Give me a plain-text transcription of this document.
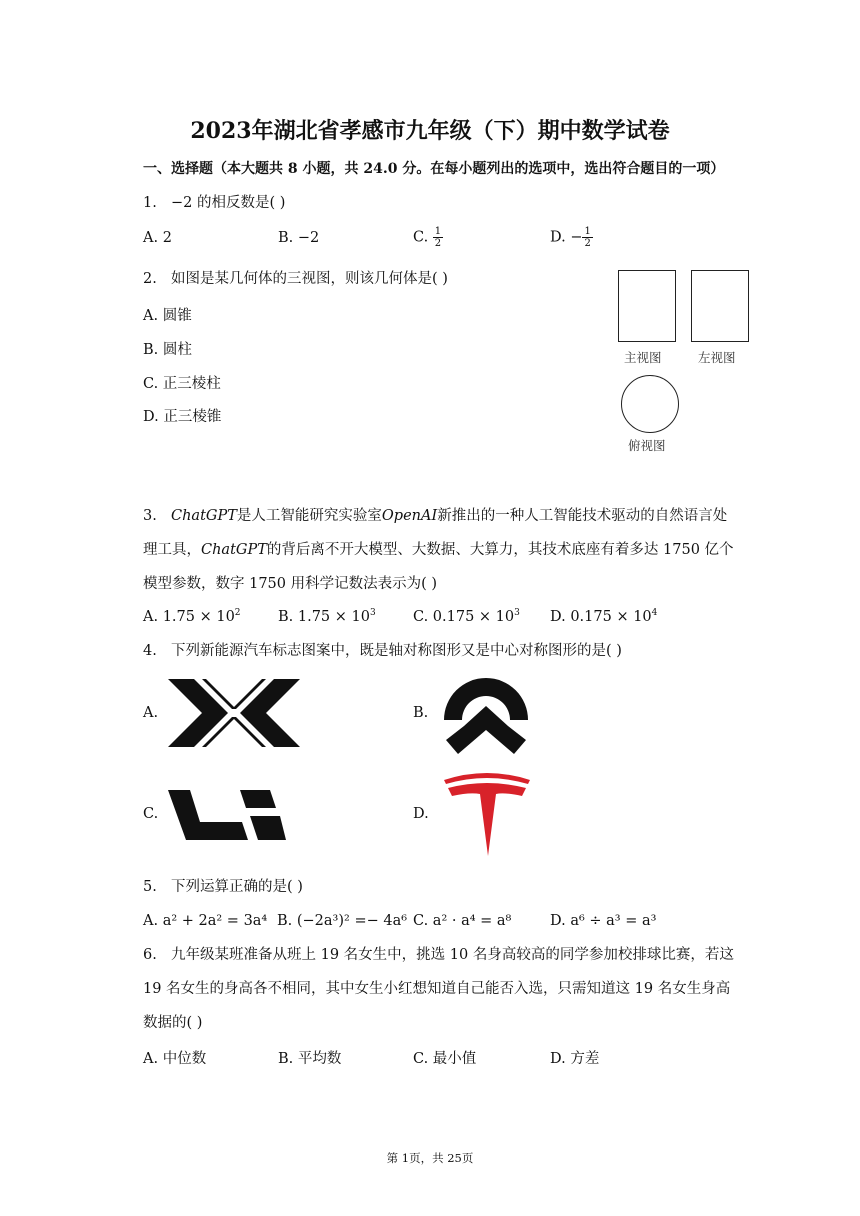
2023年湖北省孝感市九年级（下）期中数学试卷
一、选择题（本大题共 8 小题，共 24.0 分。在每小题列出的选项中，选出符合题目的一项）
1. −2 的相反数是( )
A. 2	B. −2	C. $\frac{1}{2}$	D. − $\frac{1}{2}$
2. 如图是某几何体的三视图，则该几何体是( )
A. 圆锥
B. 圆柱
C. 正三棱柱
D. 正三棱锥
主视图	左视图
俯视图
3. ChatGPT是人工智能研究实验室OpenAI新推出的一种人工智能技术驱动的自然语言处
理工具，ChatGPT的背后离不开大模型、大数据、大算力，其技术底座有着多达 1750 亿个
模型参数，数字 1750 用科学记数法表示为( )
A. $1.75 \times 10^2$	B. $1.75 \times 10^3$	C. $0.175 \times 10^3$ D. $0.175 \times 10^4$
4. 下列新能源汽车标志图案中，既是轴对称图形又是中心对称图形的是( )
A.	B.
C.	D.
5. 下列运算正确的是( )
A. a² + 2a² = 3a⁴ B. (−2a³)² =− 4a⁶ C. a² · a⁴ = a⁸	D. a⁶ ÷ a³ = a³
6. 九年级某班准备从班上 19 名女生中，挑选 10 名身高较高的同学参加校排球比赛，若这
19 名女生的身高各不相同，其中女生小红想知道自己能否入选，只需知道这 19 名女生身高
数据的( )
A. 中位数	B. 平均数	C. 最小值	D. 方差
第 1页，共 25页
